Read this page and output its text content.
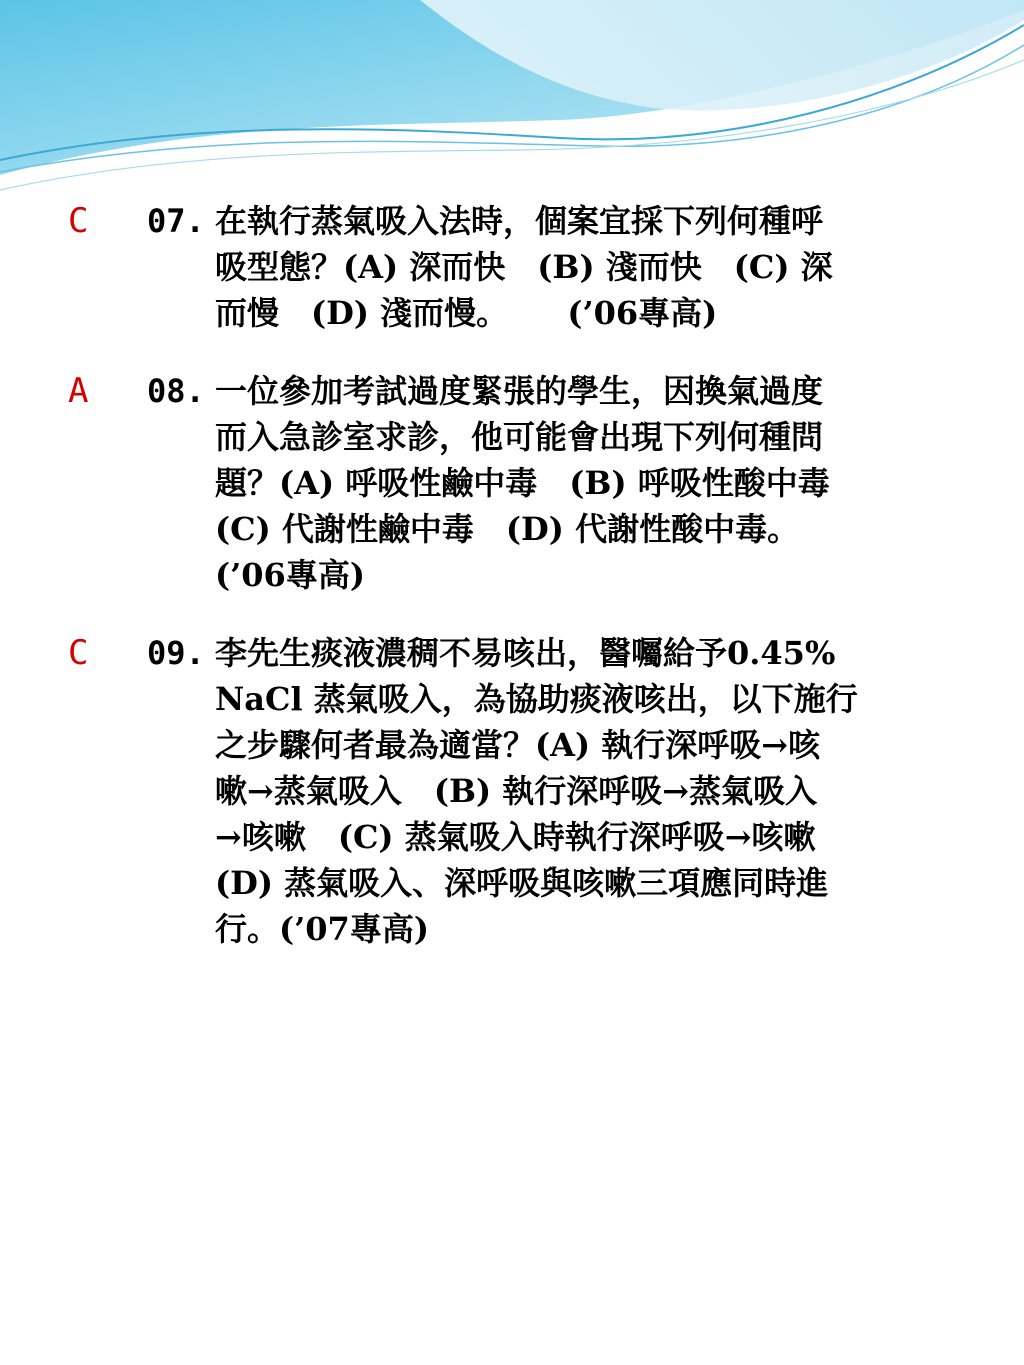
C	07. 在執行蒸氣吸入法時，個案宜採下列何種呼
吸型態？(A) 深而快　(B) 淺而快　(C) 深
而慢　(D) 淺而慢。　　 (’06專高)
A	08. 一位參加考試過度緊張的學生，因換氣過度
而入急診室求診，他可能會出現下列何種問
題？(A) 呼吸性鹼中毒　(B) 呼吸性酸中毒
(C) 代謝性鹼中毒　(D) 代謝性酸中毒。
(’06專高)
C	09. 李先生痰液濃稠不易咳出，醫囑給予0.45%
NaCl 蒸氣吸入，為協助痰液咳出，以下施行
之步驟何者最為適當？(A) 執行深呼吸→咳
嗽→蒸氣吸入　(B) 執行深呼吸→蒸氣吸入
→咳嗽　(C) 蒸氣吸入時執行深呼吸→咳嗽
(D) 蒸氣吸入、深呼吸與咳嗽三項應同時進
行。(’07專高)
